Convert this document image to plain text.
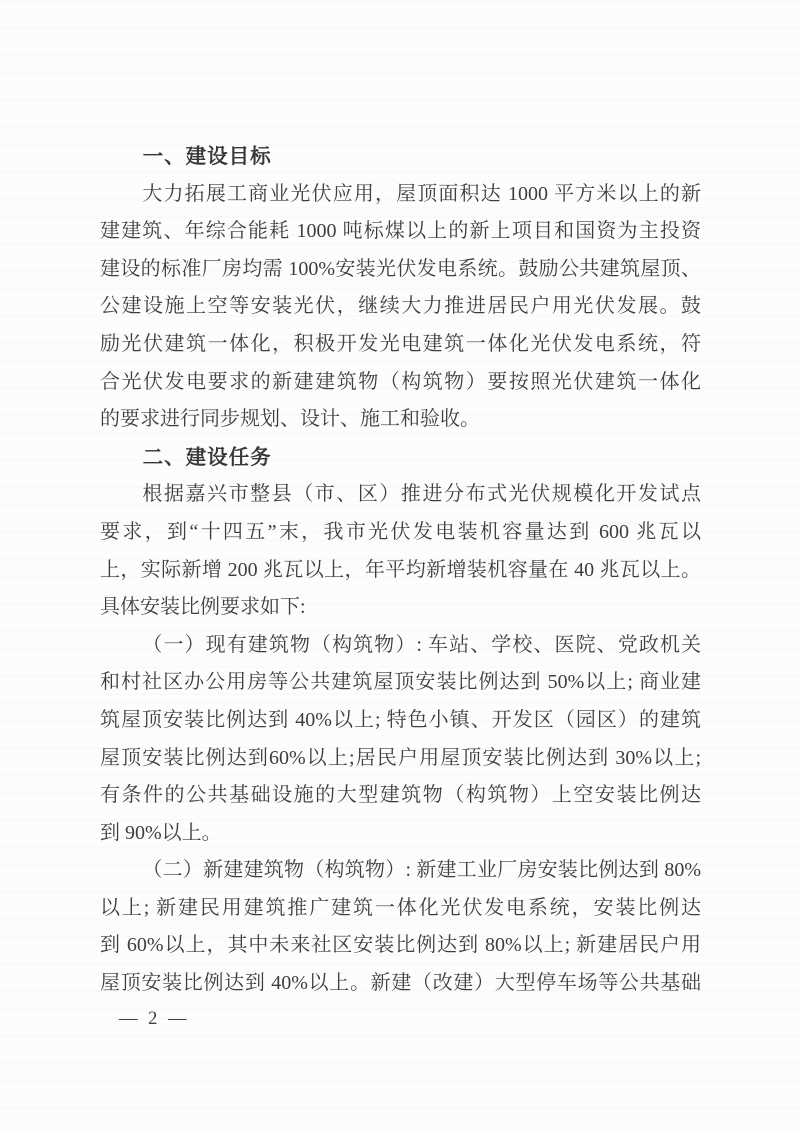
一、建设目标
大力拓展工商业光伏应用，屋顶面积达 1000 平方米以上的新
建建筑、年综合能耗 1000 吨标煤以上的新上项目和国资为主投资
建设的标准厂房均需 100%安装光伏发电系统。鼓励公共建筑屋顶、
公建设施上空等安装光伏，继续大力推进居民户用光伏发展。鼓
励光伏建筑一体化，积极开发光电建筑一体化光伏发电系统，符
合光伏发电要求的新建建筑物（构筑物）要按照光伏建筑一体化
的要求进行同步规划、设计、施工和验收。
二、建设任务
根据嘉兴市整县（市、区）推进分布式光伏规模化开发试点
要求，到“十四五”末，我市光伏发电装机容量达到 600 兆瓦以
上，实际新增 200 兆瓦以上，年平均新增装机容量在 40 兆瓦以上。
具体安装比例要求如下:
（一）现有建筑物（构筑物）: 车站、学校、医院、党政机关
和村社区办公用房等公共建筑屋顶安装比例达到 50%以上; 商业建
筑屋顶安装比例达到 40%以上; 特色小镇、开发区（园区）的建筑
屋顶安装比例达到60%以上;居民户用屋顶安装比例达到 30%以上;
有条件的公共基础设施的大型建筑物（构筑物）上空安装比例达
到 90%以上。
（二）新建建筑物（构筑物）: 新建工业厂房安装比例达到 80%
以上; 新建民用建筑推广建筑一体化光伏发电系统，安装比例达
到 60%以上，其中未来社区安装比例达到 80%以上; 新建居民户用
屋顶安装比例达到 40%以上。新建（改建）大型停车场等公共基础
— 2 —
